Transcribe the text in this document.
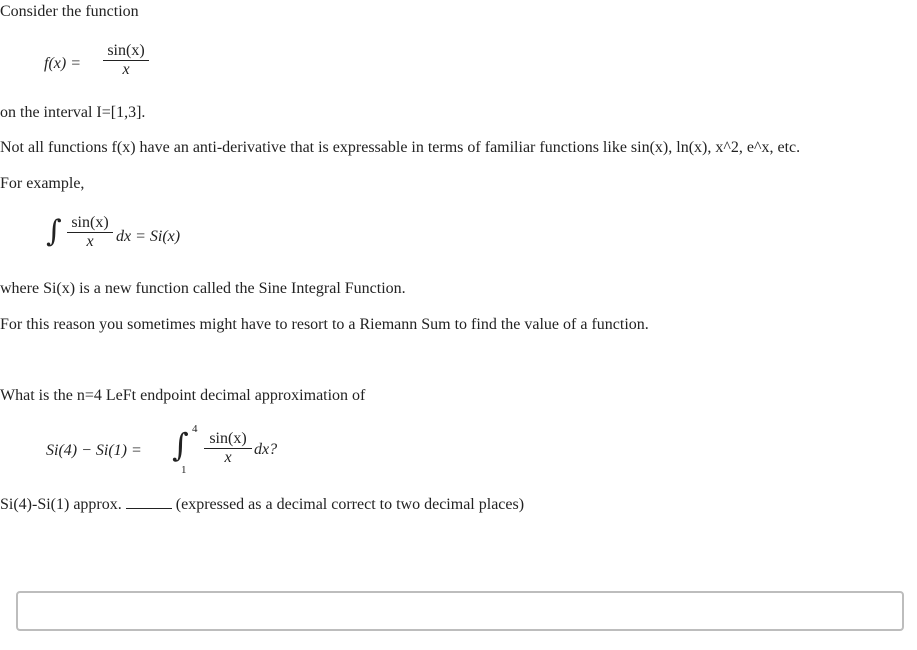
Consider the function
f(x) =
sin(x)
x
on the interval I=[1,3].
Not all functions f(x) have an anti-derivative that is expressable in terms of familiar functions like sin(x), ln(x), x^2, e^x, etc.
For example,
∫ sin(x)
x	dx = Si(x)
where Si(x) is a new function called the Sine Integral Function.
For this reason you sometimes might have to resort to a Riemann Sum to find the value of a function.
What is the n=4 LeFt endpoint decimal approximation of
Si(4) − Si(1) = ∫ 4
1
sin(x)
x	dx?
Si(4)-Si(1) approx.	(expressed as a decimal correct to two decimal places)
